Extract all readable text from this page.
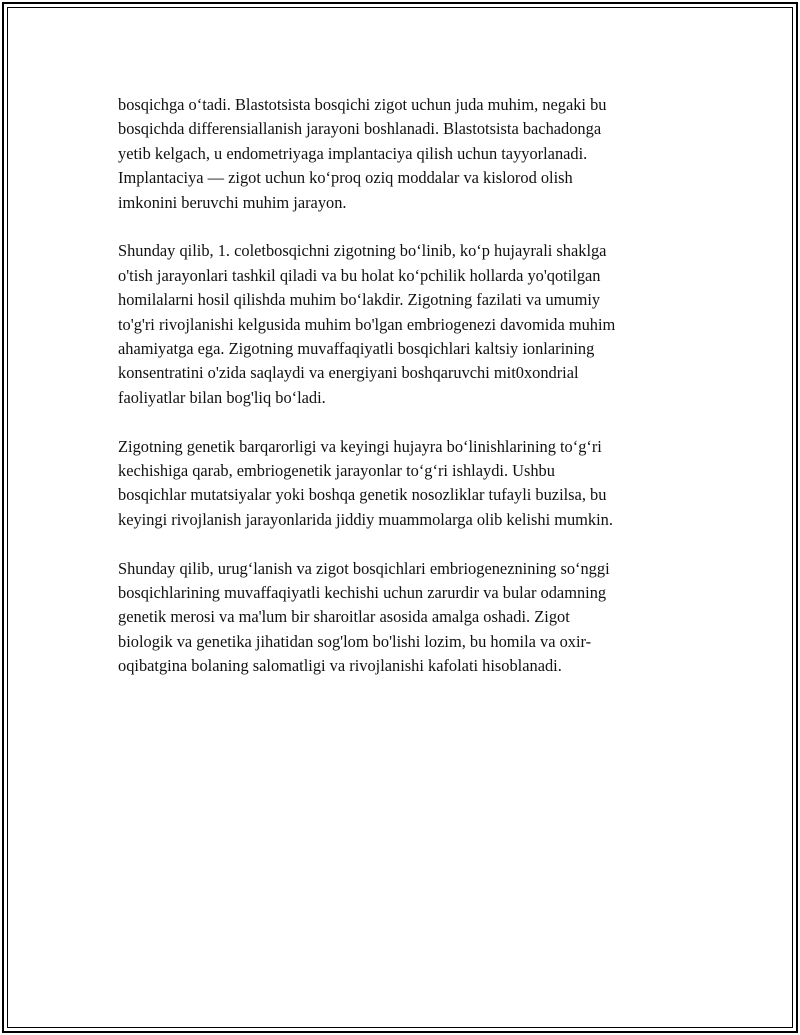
bosqichga o‘tadi. Blastotsista bosqichi zigot uchun juda muhim, negaki bu
bosqichda differensiallanish jarayoni boshlanadi. Blastotsista bachadonga
yetib kelgach, u endometriyaga implantaciya qilish uchun tayyorlanadi.
Implantaciya — zigot uchun ko‘proq oziq moddalar va kislorod olish
imkonini beruvchi muhim jarayon.

Shunday qilib, 1. coletbosqichni zigotning bo‘linib, ko‘p hujayrali shaklga
o'tish jarayonlari tashkil qiladi va bu holat ko‘pchilik hollarda yo'qotilgan
homilalarni hosil qilishda muhim bo‘lakdir. Zigotning fazilati va umumiy
to'g'ri rivojlanishi kelgusida muhim bo'lgan embriogenezi davomida muhim
ahamiyatga ega. Zigotning muvaffaqiyatli bosqichlari kaltsiy ionlarining
konsentratini o'zida saqlaydi va energiyani boshqaruvchi mit0xondrial
faoliyatlar bilan bog'liq bo‘ladi.

Zigotning genetik barqarorligi va keyingi hujayra bo‘linishlarining to‘g‘ri
kechishiga qarab, embriogenetik jarayonlar to‘g‘ri ishlaydi. Ushbu
bosqichlar mutatsiyalar yoki boshqa genetik nosozliklar tufayli buzilsa, bu
keyingi rivojlanish jarayonlarida jiddiy muammolarga olib kelishi mumkin.

Shunday qilib, urug‘lanish va zigot bosqichlari embriogeneznining so‘nggi
bosqichlarining muvaffaqiyatli kechishi uchun zarurdir va bular odamning
genetik merosi va ma'lum bir sharoitlar asosida amalga oshadi. Zigot
biologik va genetika jihatidan sog'lom bo'lishi lozim, bu homila va oxir-
oqibatgina bolaning salomatligi va rivojlanishi kafolati hisoblanadi.
